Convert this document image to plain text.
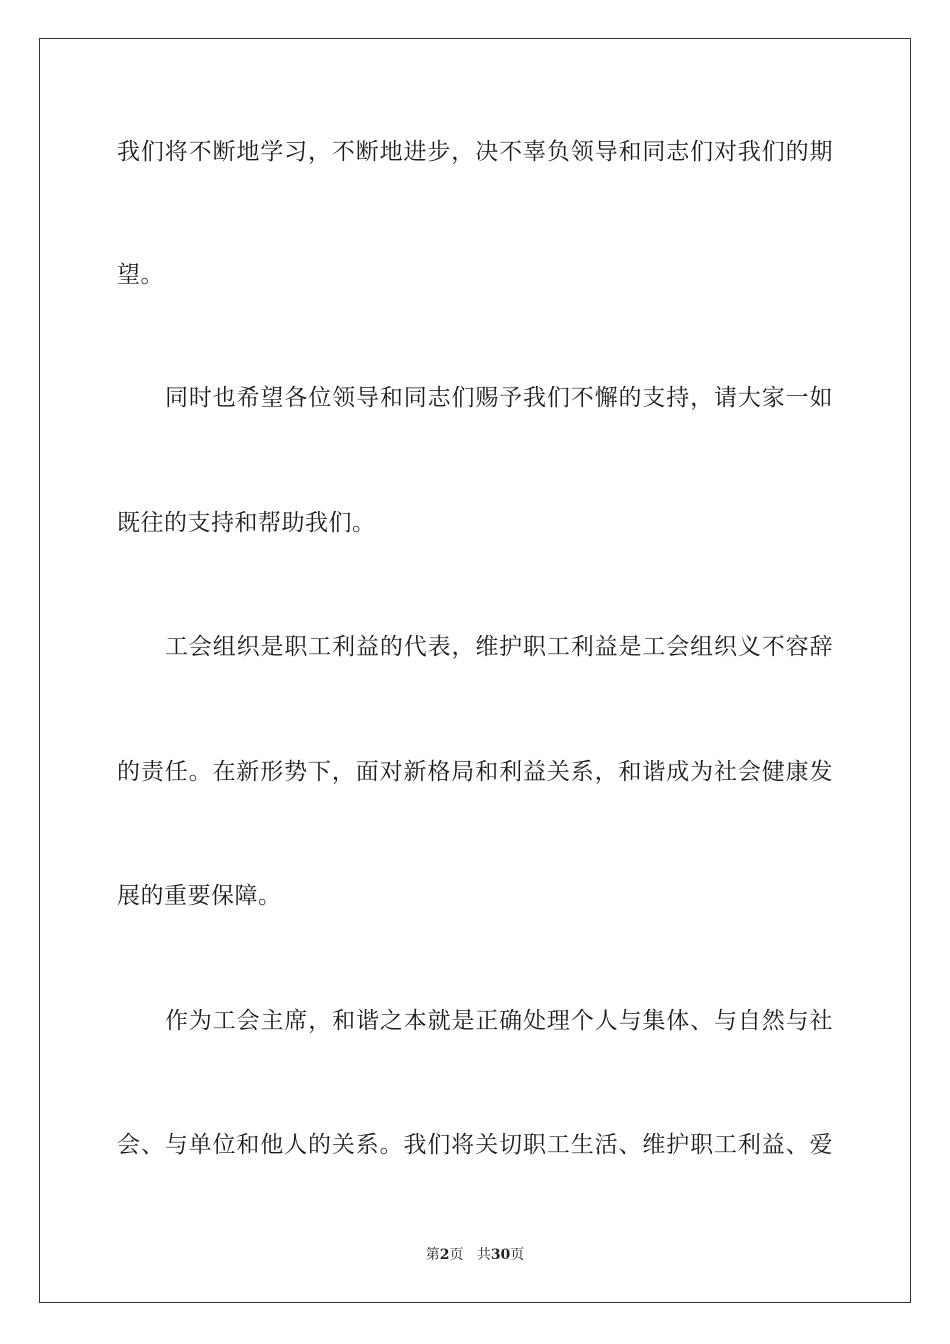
我们将不断地学习，不断地进步，决不辜负领导和同志们对我们的期
望。
同时也希望各位领导和同志们赐予我们不懈的支持，请大家一如
既往的支持和帮助我们。
工会组织是职工利益的代表，维护职工利益是工会组织义不容辞
的责任。在新形势下，面对新格局和利益关系，和谐成为社会健康发
展的重要保障。
作为工会主席，和谐之本就是正确处理个人与集体、与自然与社
会、与单位和他人的关系。我们将关切职工生活、维护职工利益、爱
第2页 共30页
